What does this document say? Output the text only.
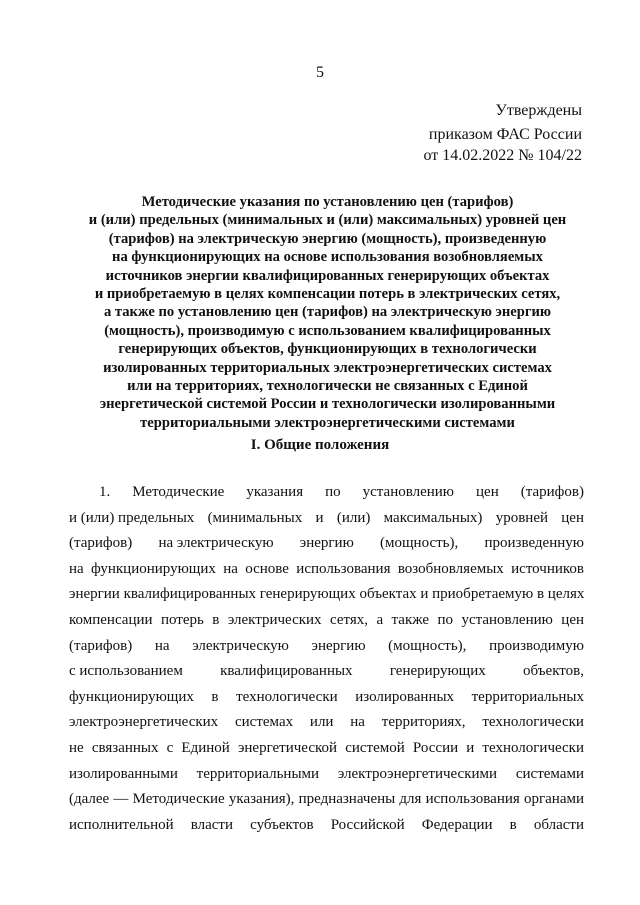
5
Утверждены
приказом ФАС России
от 14.02.2022 № 104/22
Методические указания по установлению цен (тарифов)
и (или) предельных (минимальных и (или) максимальных) уровней цен
(тарифов) на электрическую энергию (мощность), произведенную
на функционирующих на основе использования возобновляемых
источников энергии квалифицированных генерирующих объектах
и приобретаемую в целях компенсации потерь в электрических сетях,
а также по установлению цен (тарифов) на электрическую энергию
(мощность), производимую с использованием квалифицированных
генерирующих объектов, функционирующих в технологически
изолированных территориальных электроэнергетических системах
или на территориях, технологически не связанных с Единой
энергетической системой России и технологически изолированными
территориальными электроэнергетическими системами
I. Общие положения
1. Методические указания по установлению цен (тарифов)
и (или) предельных (минимальных и (или) максимальных) уровней цен
(тарифов) на электрическую энергию (мощность), произведенную
на функционирующих на основе использования возобновляемых источников
энергии квалифицированных генерирующих объектах и приобретаемую в целях
компенсации потерь в электрических сетях, а также по установлению цен
(тарифов) на электрическую энергию (мощность), производимую
с использованием квалифицированных генерирующих объектов,
функционирующих в технологически изолированных территориальных
электроэнергетических системах или на территориях, технологически
не связанных с Единой энергетической системой России и технологически
изолированными территориальными электроэнергетическими системами
(далее — Методические указания), предназначены для использования органами
исполнительной власти субъектов Российской Федерации в области
